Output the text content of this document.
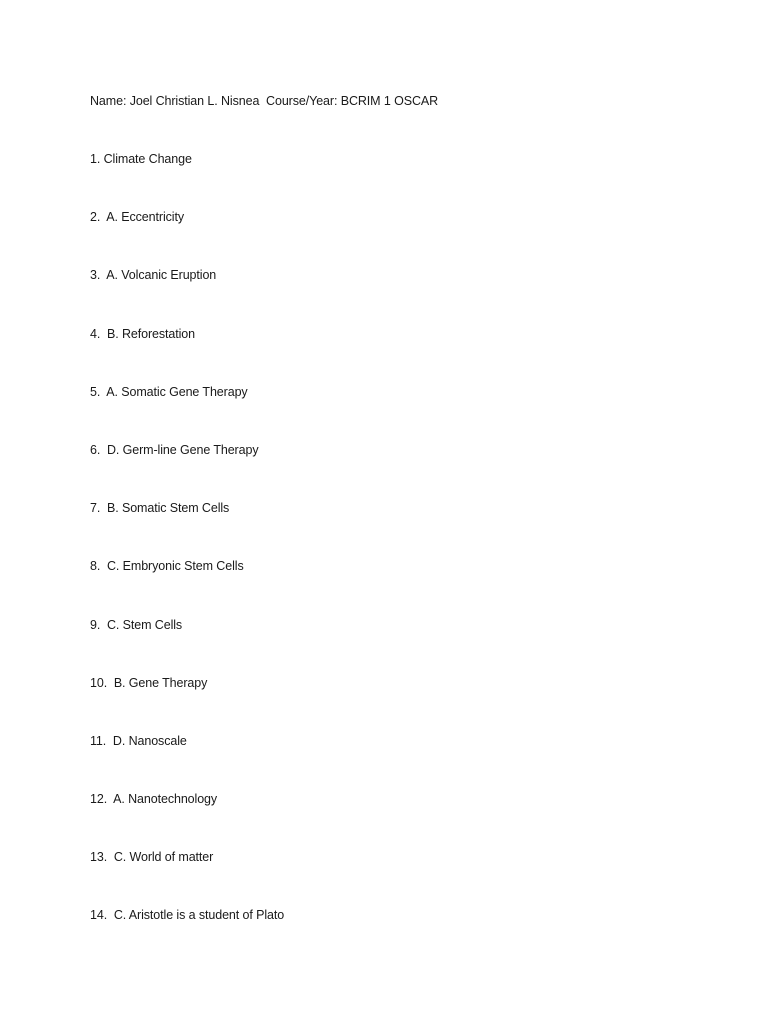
Name: Joel Christian L. Nisnea  Course/Year: BCRIM 1 OSCAR
1. Climate Change
2.  A. Eccentricity
3.  A. Volcanic Eruption
4.  B. Reforestation
5.  A. Somatic Gene Therapy
6.  D. Germ-line Gene Therapy
7.  B. Somatic Stem Cells
8.  C. Embryonic Stem Cells
9.  C. Stem Cells
10.  B. Gene Therapy
11.  D. Nanoscale
12.  A. Nanotechnology
13.  C. World of matter
14.  C. Aristotle is a student of Plato
